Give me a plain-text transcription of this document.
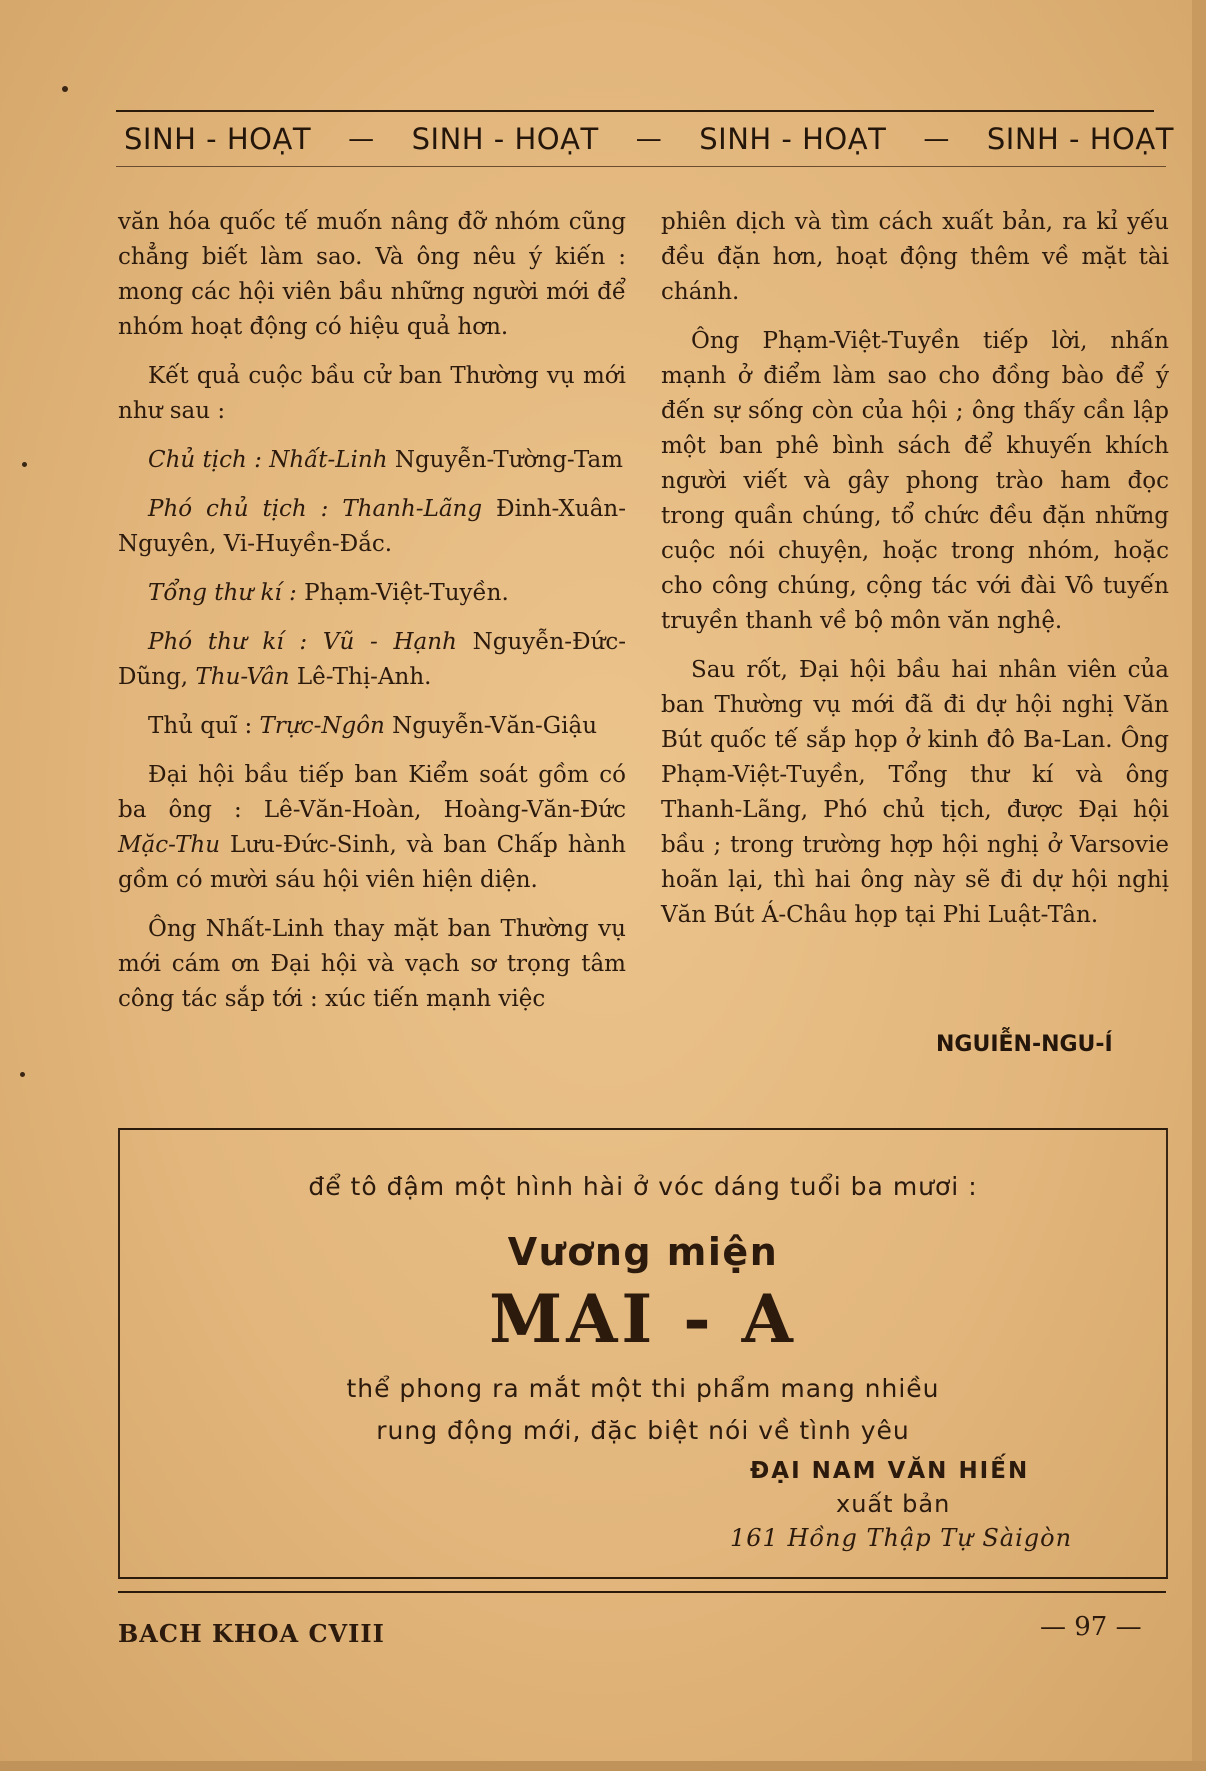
SINH - HOẠT — SINH - HOẠT — SINH - HOẠT — SINH - HOẠT

văn hóa quốc tế muốn nâng đỡ nhóm cũng chẳng biết làm sao. Và ông nêu ý kiến : mong các hội viên bầu những người mới để nhóm hoạt động có hiệu quả hơn.

Kết quả cuộc bầu cử ban Thường vụ mới như sau :

Chủ tịch : Nhất-Linh Nguyễn-Tường-Tam

Phó chủ tịch : Thanh-Lãng Đinh-Xuân-Nguyên, Vi-Huyền-Đắc.

Tổng thư kí : Phạm-Việt-Tuyền.

Phó thư kí : Vũ - Hạnh Nguyễn-Đức-Dũng, Thu-Vân Lê-Thị-Anh.

Thủ quĩ : Trực-Ngôn Nguyễn-Văn-Giậu

Đại hội bầu tiếp ban Kiểm soát gồm có ba ông : Lê-Văn-Hoàn, Hoàng-Văn-Đức Mặc-Thu Lưu-Đức-Sinh, và ban Chấp hành gồm có mười sáu hội viên hiện diện.

Ông Nhất-Linh thay mặt ban Thường vụ mới cám ơn Đại hội và vạch sơ trọng tâm công tác sắp tới : xúc tiến mạnh việc

phiên dịch và tìm cách xuất bản, ra kỉ yếu đều đặn hơn, hoạt động thêm về mặt tài chánh.

Ông Phạm-Việt-Tuyền tiếp lời, nhấn mạnh ở điểm làm sao cho đồng bào để ý đến sự sống còn của hội ; ông thấy cần lập một ban phê bình sách để khuyến khích người viết và gây phong trào ham đọc trong quần chúng, tổ chức đều đặn những cuộc nói chuyện, hoặc trong nhóm, hoặc cho công chúng, cộng tác với đài Vô tuyến truyền thanh về bộ môn văn nghệ.

Sau rốt, Đại hội bầu hai nhân viên của ban Thường vụ mới đã đi dự hội nghị Văn Bút quốc tế sắp họp ở kinh đô Ba-Lan. Ông Phạm-Việt-Tuyền, Tổng thư kí và ông Thanh-Lãng, Phó chủ tịch, được Đại hội bầu ; trong trường hợp hội nghị ở Varsovie hoãn lại, thì hai ông này sẽ đi dự hội nghị Văn Bút Á-Châu họp tại Phi Luật-Tân.

NGUIỄN-NGU-Í
để tô đậm một hình hài ở vóc dáng tuổi ba mươi :
Vương miện
MAI - A
thể phong ra mắt một thi phẩm mang nhiều
rung động mới, đặc biệt nói về tình yêu
ĐẠI NAM VĂN HIẾN
xuất bản
161 Hồng Thập Tự Sàigòn
BACH KHOA CVIII	— 97 —
